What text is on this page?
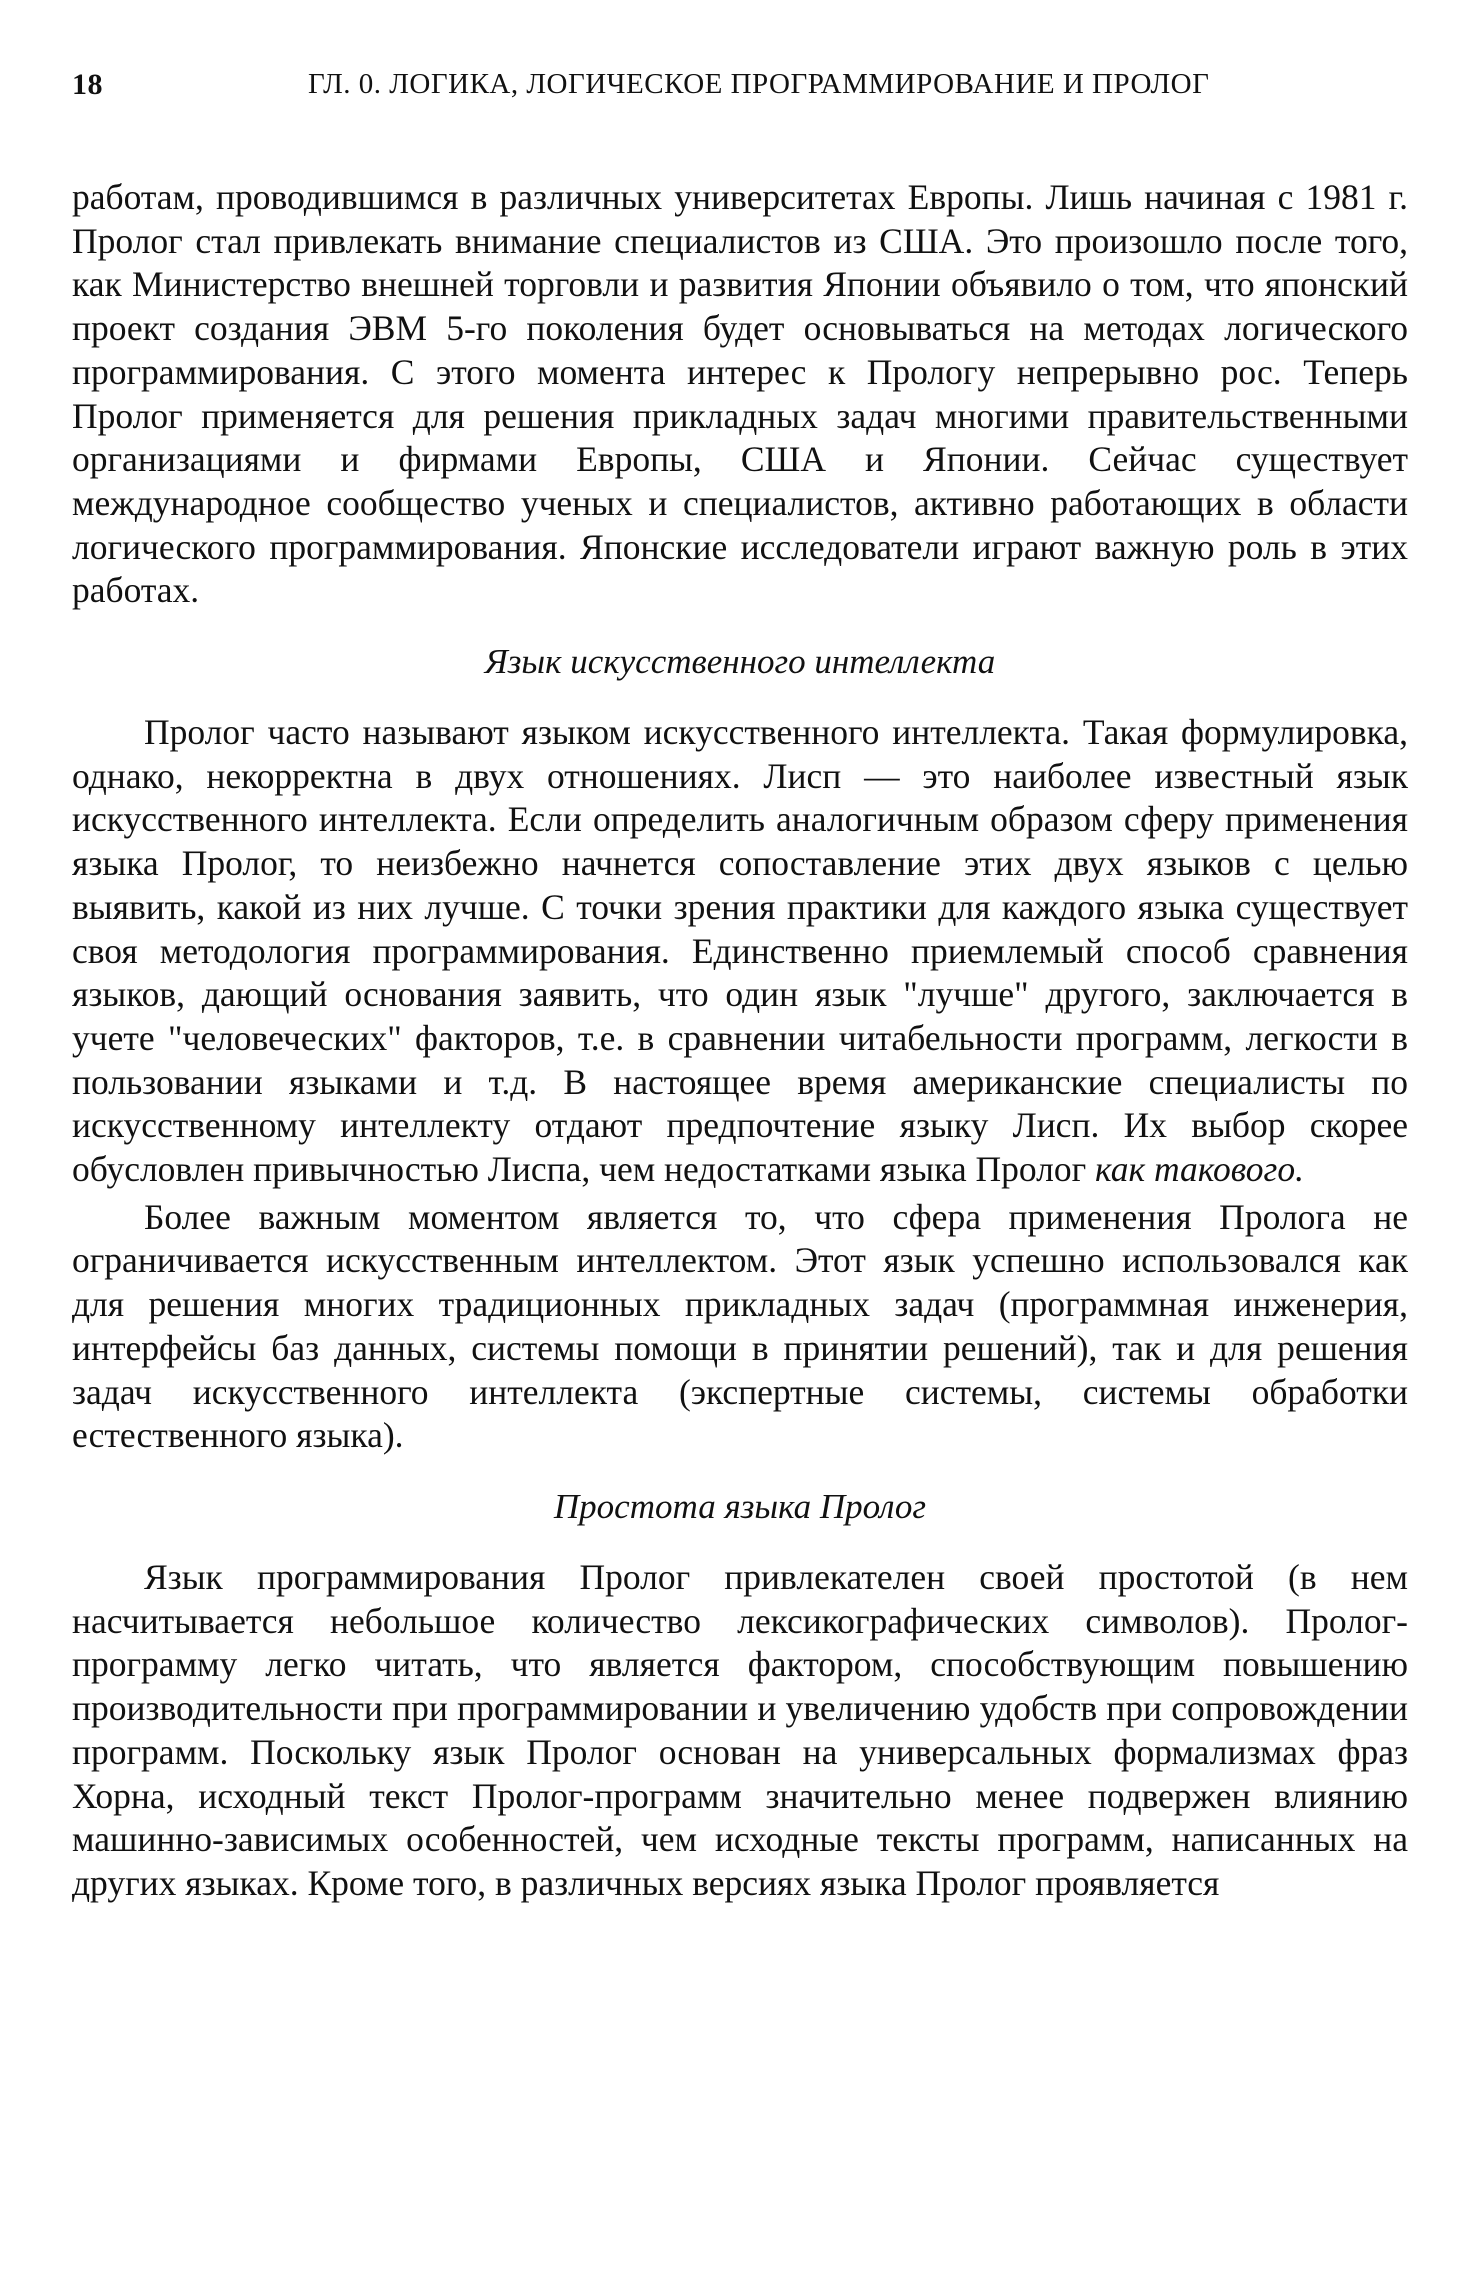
18	ГЛ. 0. ЛОГИКА, ЛОГИЧЕСКОЕ ПРОГРАММИРОВАНИЕ И ПРОЛОГ

работам, проводившимся в различных университетах Европы. Лишь начиная с 1981 г. Пролог стал привлекать внимание специалистов из США. Это произошло после того, как Министерство внешней торговли и развития Японии объявило о том, что японский проект создания ЭВМ 5-го поколения будет основываться на методах логического программирования. С этого момента интерес к Прологу непрерывно рос. Теперь Пролог применяется для решения прикладных задач многими правительственными организациями и фирмами Европы, США и Японии. Сейчас существует международное сообщество ученых и специалистов, активно работающих в области логического программирования. Японские исследователи играют важную роль в этих работах.

Язык искусственного интеллекта

Пролог часто называют языком искусственного интеллекта. Такая формулировка, однако, некорректна в двух отношениях. Лисп — это наиболее известный язык искусственного интеллекта. Если определить аналогичным образом сферу применения языка Пролог, то неизбежно начнется сопоставление этих двух языков с целью выявить, какой из них лучше. С точки зрения практики для каждого языка существует своя методология программирования. Единственно приемлемый способ сравнения языков, дающий основания заявить, что один язык "лучше" другого, заключается в учете "человеческих" факторов, т.е. в сравнении читабельности программ, легкости в пользовании языками и т.д. В настоящее время американские специалисты по искусственному интеллекту отдают предпочтение языку Лисп. Их выбор скорее обусловлен привычностью Лиспа, чем недостатками языка Пролог как такового.

Более важным моментом является то, что сфера применения Пролога не ограничивается искусственным интеллектом. Этот язык успешно использовался как для решения многих традиционных прикладных задач (программная инженерия, интерфейсы баз данных, системы помощи в принятии решений), так и для решения задач искусственного интеллекта (экспертные системы, системы обработки естественного языка).

Простота языка Пролог

Язык программирования Пролог привлекателен своей простотой (в нем насчитывается небольшое количество лексикографических символов). Пролог-программу легко читать, что является фактором, способствующим повышению производительности при программировании и увеличению удобств при сопровождении программ. Поскольку язык Пролог основан на универсальных формализмах фраз Хорна, исходный текст Пролог-программ значительно менее подвержен влиянию машинно-зависимых особенностей, чем исходные тексты программ, написанных на других языках. Кроме того, в различных версиях языка Пролог проявляется
